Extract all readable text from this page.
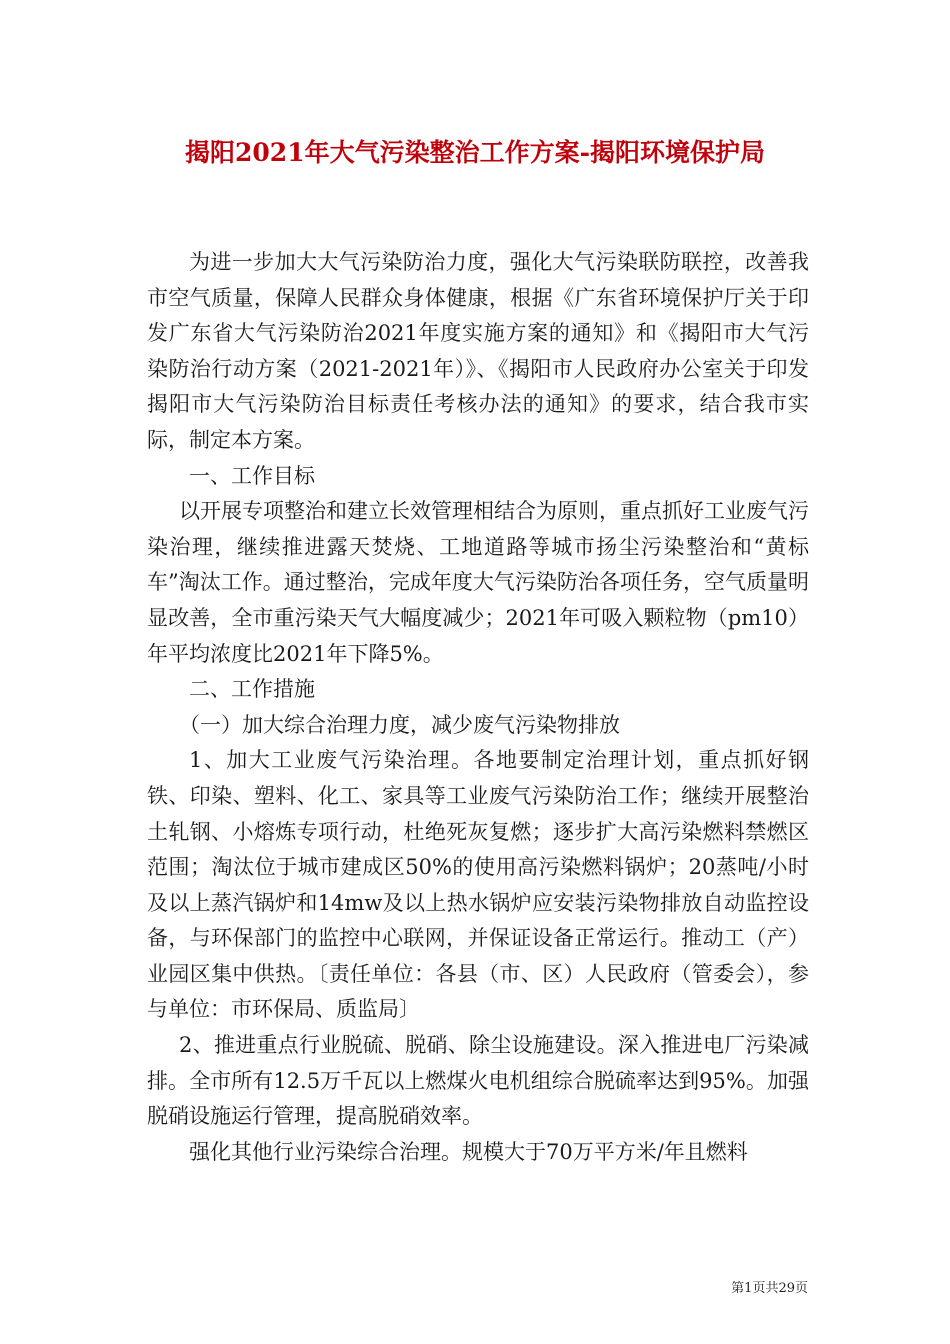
揭阳2021年大气污染整治工作方案-揭阳环境保护局

为进一步加大大气污染防治力度，强化大气污染联防联控，改善我市空气质量，保障人民群众身体健康，根据《广东省环境保护厅关于印发广东省大气污染防治2021年度实施方案的通知》和《揭阳市大气污染防治行动方案（2021-2021年）》、《揭阳市人民政府办公室关于印发揭阳市大气污染防治目标责任考核办法的通知》的要求，结合我市实际，制定本方案。

一、工作目标

以开展专项整治和建立长效管理相结合为原则，重点抓好工业废气污染治理，继续推进露天焚烧、工地道路等城市扬尘污染整治和“黄标车”淘汰工作。通过整治，完成年度大气污染防治各项任务，空气质量明显改善，全市重污染天气大幅度减少；2021年可吸入颗粒物（pm10）年平均浓度比2021年下降5%。

二、工作措施

（一）加大综合治理力度，减少废气污染物排放

1、加大工业废气污染治理。各地要制定治理计划，重点抓好钢铁、印染、塑料、化工、家具等工业废气污染防治工作；继续开展整治土轧钢、小熔炼专项行动，杜绝死灰复燃；逐步扩大高污染燃料禁燃区范围；淘汰位于城市建成区50%的使用高污染燃料锅炉；20蒸吨/小时及以上蒸汽锅炉和14mw及以上热水锅炉应安装污染物排放自动监控设备，与环保部门的监控中心联网，并保证设备正常运行。推动工（产）业园区集中供热。〔责任单位：各县（市、区）人民政府（管委会），参与单位：市环保局、质监局〕

2、推进重点行业脱硫、脱硝、除尘设施建设。深入推进电厂污染减排。全市所有12.5万千瓦以上燃煤火电机组综合脱硫率达到95%。加强脱硝设施运行管理，提高脱硝效率。

强化其他行业污染综合治理。规模大于70万平方米/年且燃料

第1页共29页
